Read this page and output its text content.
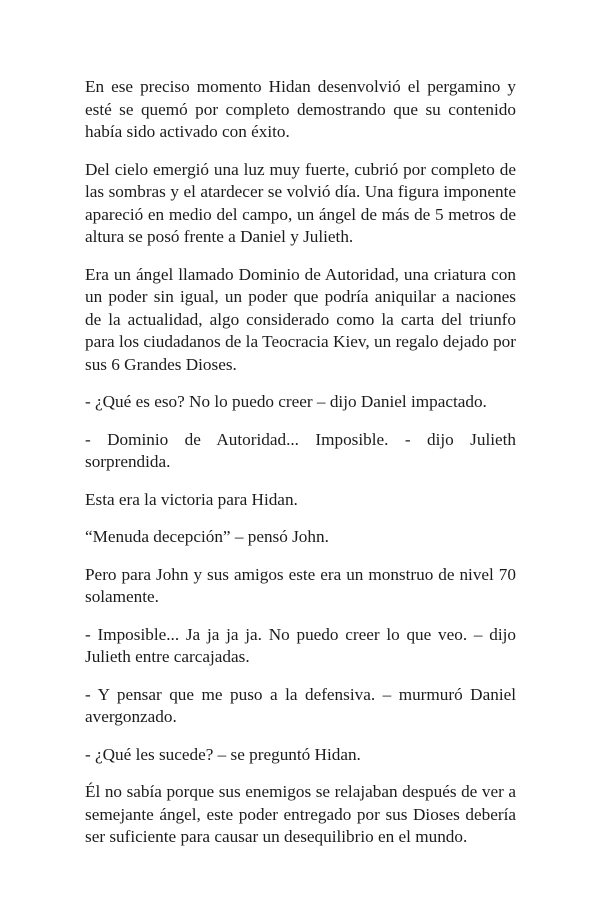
En ese preciso momento Hidan desenvolvió el pergamino y esté se quemó por completo demostrando que su contenido había sido activado con éxito.

Del cielo emergió una luz muy fuerte, cubrió por completo de las sombras y el atardecer se volvió día. Una figura imponente apareció en medio del campo, un ángel de más de 5 metros de altura se posó frente a Daniel y Julieth.

Era un ángel llamado Dominio de Autoridad, una criatura con un poder sin igual, un poder que podría aniquilar a naciones de la actualidad, algo considerado como la carta del triunfo para los ciudadanos de la Teocracia Kiev, un regalo dejado por sus 6 Grandes Dioses.

- ¿Qué es eso? No lo puedo creer – dijo Daniel impactado.

- Dominio de Autoridad... Imposible. - dijo Julieth sorprendida.

Esta era la victoria para Hidan.

“Menuda decepción” – pensó John.

Pero para John y sus amigos este era un monstruo de nivel 70 solamente.

- Imposible... Ja ja ja ja. No puedo creer lo que veo. – dijo Julieth entre carcajadas.

- Y pensar que me puso a la defensiva. – murmuró Daniel avergonzado.

- ¿Qué les sucede? – se preguntó Hidan.

Él no sabía porque sus enemigos se relajaban después de ver a semejante ángel, este poder entregado por sus Dioses debería ser suficiente para causar un desequilibrio en el mundo.
